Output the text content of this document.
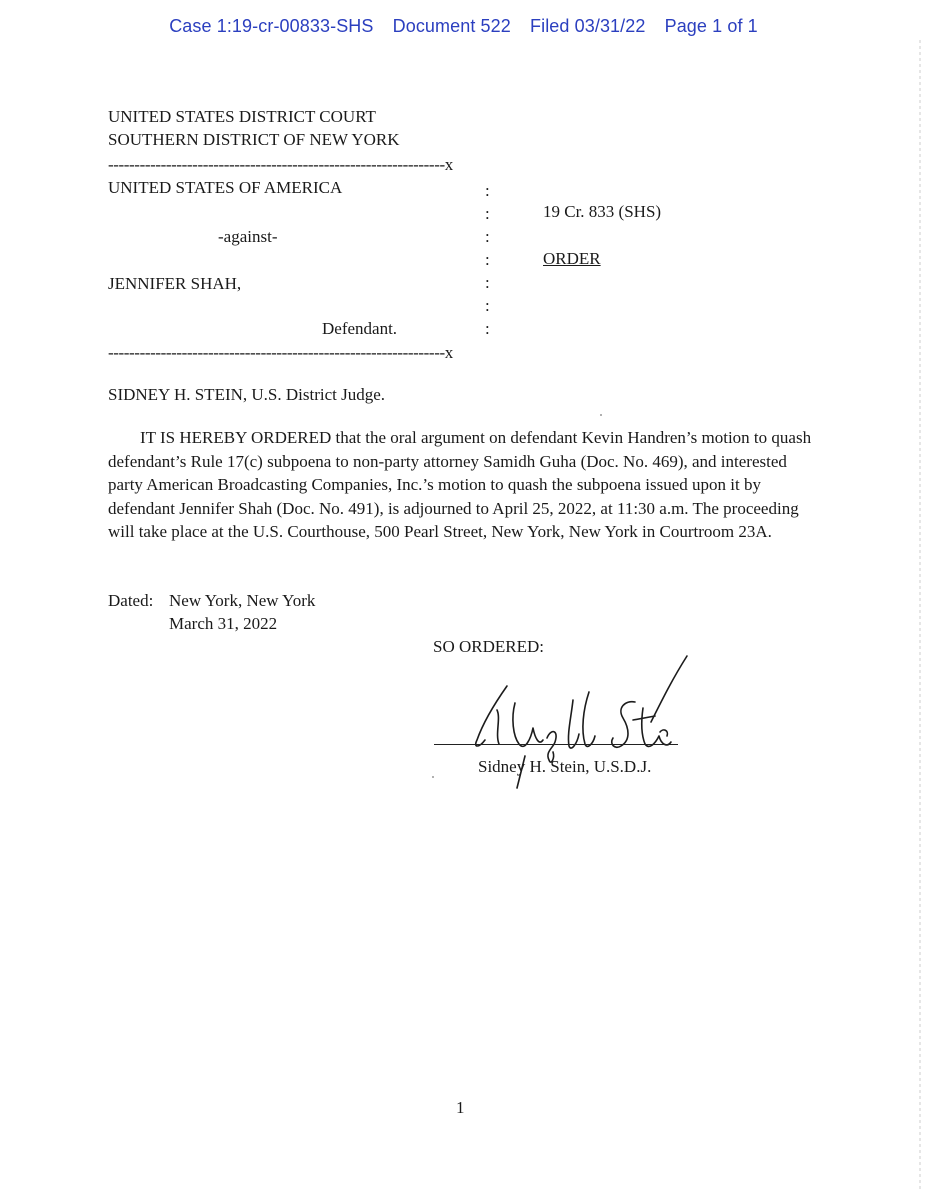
Case 1:19-cr-00833-SHS Document 522 Filed 03/31/22 Page 1 of 1
UNITED STATES DISTRICT COURT
SOUTHERN DISTRICT OF NEW YORK
----------------------------------------------------------------x
UNITED STATES OF AMERICA
-against-
JENNIFER SHAH,
Defendant.
:
:
:
:
:
:
:
19 Cr. 833 (SHS)
ORDER
----------------------------------------------------------------x
SIDNEY H. STEIN, U.S. District Judge.
IT IS HEREBY ORDERED that the oral argument on defendant Kevin Handren’s motion to quash defendant’s Rule 17(c) subpoena to non-party attorney Samidh Guha (Doc. No. 469), and interested party American Broadcasting Companies, Inc.’s motion to quash the subpoena issued upon it by defendant Jennifer Shah (Doc. No. 491), is adjourned to April 25, 2022, at 11:30 a.m. The proceeding will take place at the U.S. Courthouse, 500 Pearl Street, New York, New York in Courtroom 23A.
Dated: New York, New York
March 31, 2022
SO ORDERED:
Sidney H. Stein, U.S.D.J.
1
